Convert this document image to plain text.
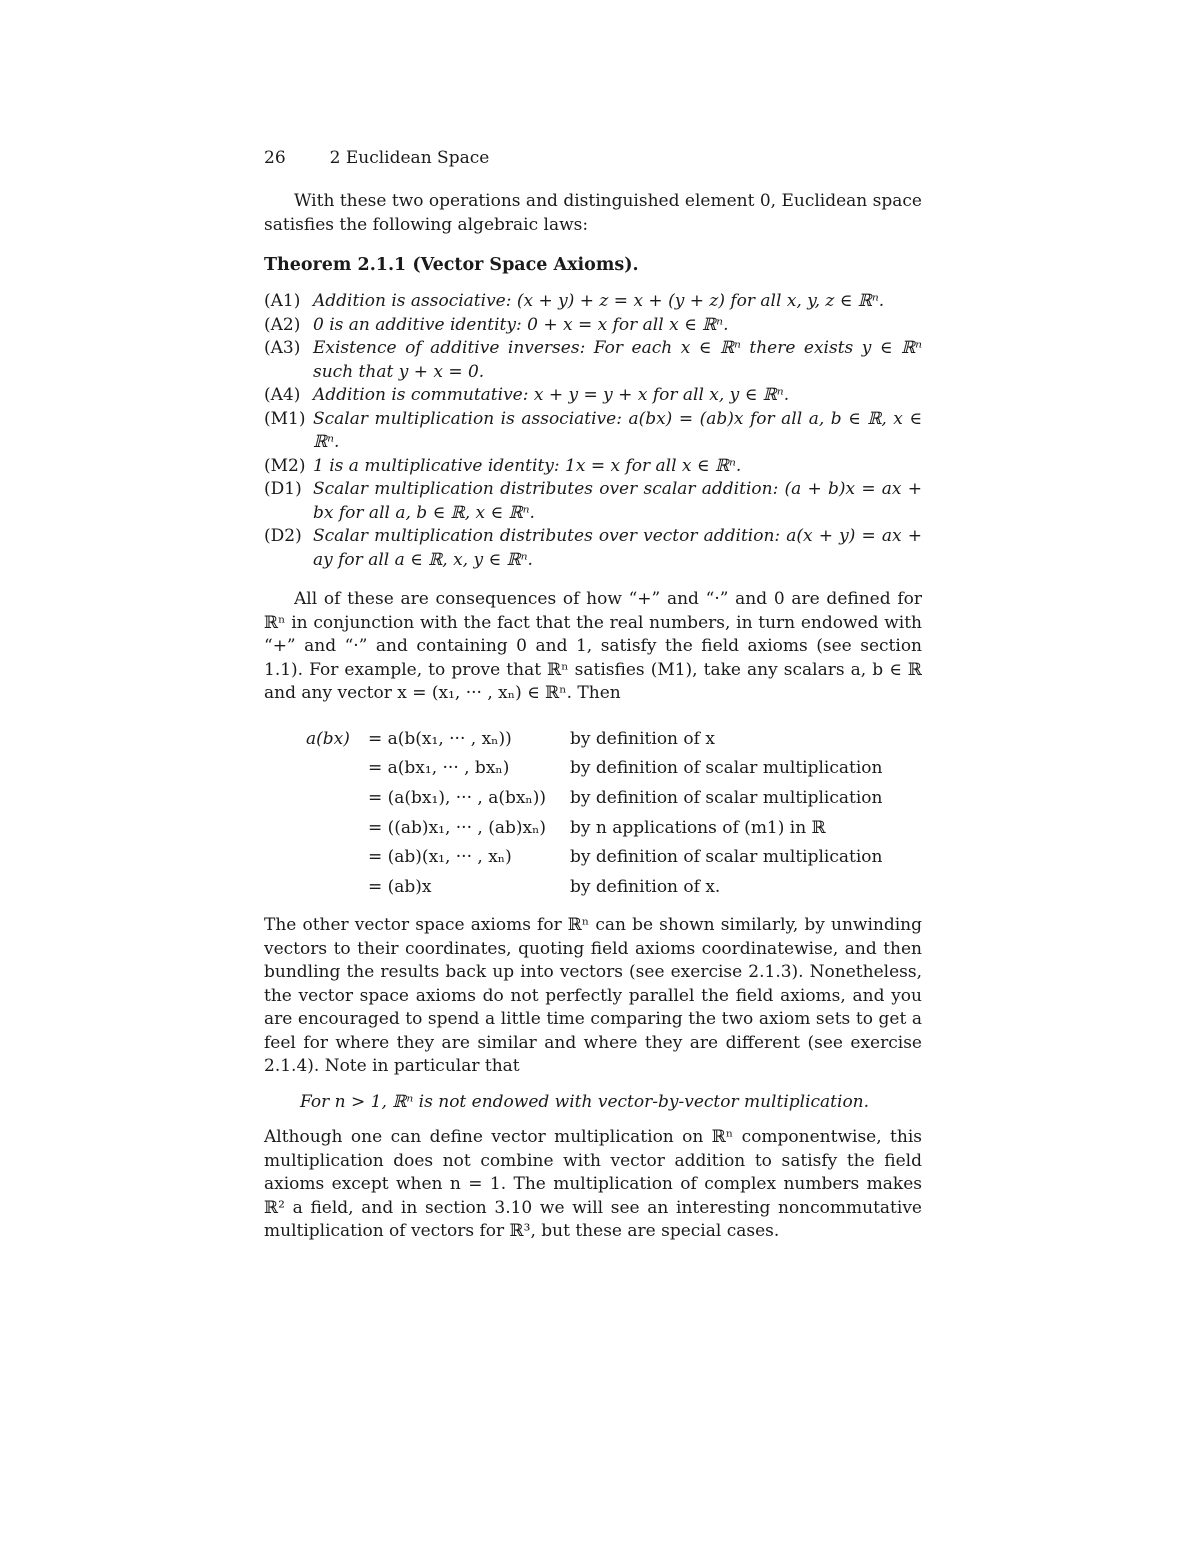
26	2 Euclidean Space

With these two operations and distinguished element 0, Euclidean space satisfies the following algebraic laws:

Theorem 2.1.1 (Vector Space Axioms).
(A1) Addition is associative: (x + y) + z = x + (y + z) for all x, y, z ∈ ℝⁿ.
(A2) 0 is an additive identity: 0 + x = x for all x ∈ ℝⁿ.
(A3) Existence of additive inverses: For each x ∈ ℝⁿ there exists y ∈ ℝⁿ such that y + x = 0.
(A4) Addition is commutative: x + y = y + x for all x, y ∈ ℝⁿ.
(M1) Scalar multiplication is associative: a(bx) = (ab)x for all a, b ∈ ℝ, x ∈ ℝⁿ.
(M2) 1 is a multiplicative identity: 1x = x for all x ∈ ℝⁿ.
(D1) Scalar multiplication distributes over scalar addition: (a + b)x = ax + bx for all a, b ∈ ℝ, x ∈ ℝⁿ.
(D2) Scalar multiplication distributes over vector addition: a(x + y) = ax + ay for all a ∈ ℝ, x, y ∈ ℝⁿ.

All of these are consequences of how “+” and “·” and 0 are defined for ℝⁿ in conjunction with the fact that the real numbers, in turn endowed with “+” and “·” and containing 0 and 1, satisfy the field axioms (see section 1.1). For example, to prove that ℝⁿ satisfies (M1), take any scalars a, b ∈ ℝ and any vector x = (x₁, ··· , xₙ) ∈ ℝⁿ. Then

a(bx)	= a(b(x₁, ··· , xₙ))	by definition of x
= a(bx₁, ··· , bxₙ)	by definition of scalar multiplication
= (a(bx₁), ··· , a(bxₙ))	by definition of scalar multiplication
= ((ab)x₁, ··· , (ab)xₙ)	by n applications of (m1) in ℝ
= (ab)(x₁, ··· , xₙ)	by definition of scalar multiplication
= (ab)x	by definition of x.

The other vector space axioms for ℝⁿ can be shown similarly, by unwinding vectors to their coordinates, quoting field axioms coordinatewise, and then bundling the results back up into vectors (see exercise 2.1.3). Nonetheless, the vector space axioms do not perfectly parallel the field axioms, and you are encouraged to spend a little time comparing the two axiom sets to get a feel for where they are similar and where they are different (see exercise 2.1.4). Note in particular that

For n > 1, ℝⁿ is not endowed with vector-by-vector multiplication.

Although one can define vector multiplication on ℝⁿ componentwise, this multiplication does not combine with vector addition to satisfy the field axioms except when n = 1. The multiplication of complex numbers makes ℝ² a field, and in section 3.10 we will see an interesting noncommutative multiplication of vectors for ℝ³, but these are special cases.
